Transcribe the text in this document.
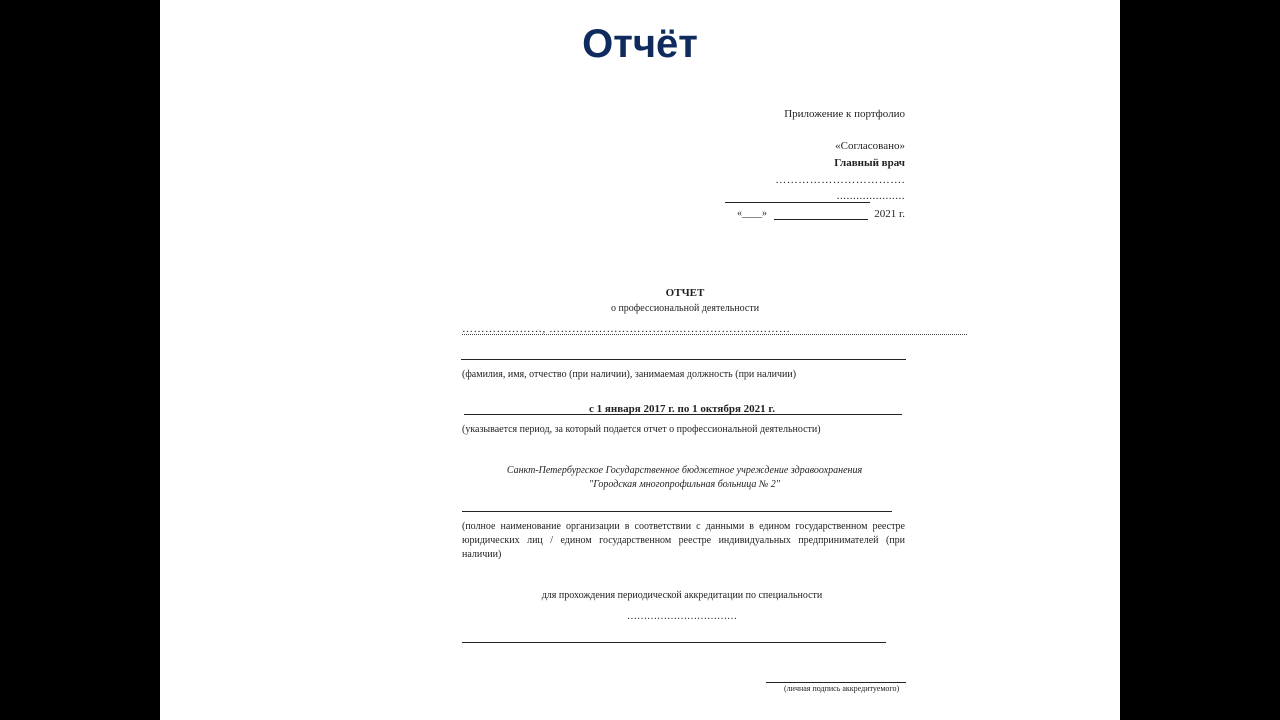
Отчёт
Приложение к портфолио
«Согласовано»
Главный врач
…………………………….
.....................
«____»	2021 г.
ОТЧЕТ
о профессиональной деятельности
…………………, ………………………………………………………
(фамилия, имя, отчество (при наличии), занимаемая должность (при наличии)
с 1 января 2017 г. по 1 октября 2021 г.
(указывается период, за который подается отчет о профессиональной деятельности)
Санкт-Петербургское Государственное бюджетное учреждение здравоохранения
"Городская многопрофильная больница № 2"
(полное наименование организации в соответствии с данными в едином государственном реестре юридических лиц / едином государственном реестре индивидуальных предпринимателей (при наличии)
для прохождения периодической аккредитации по специальности
……………………………
(личная подпись аккредитуемого)
